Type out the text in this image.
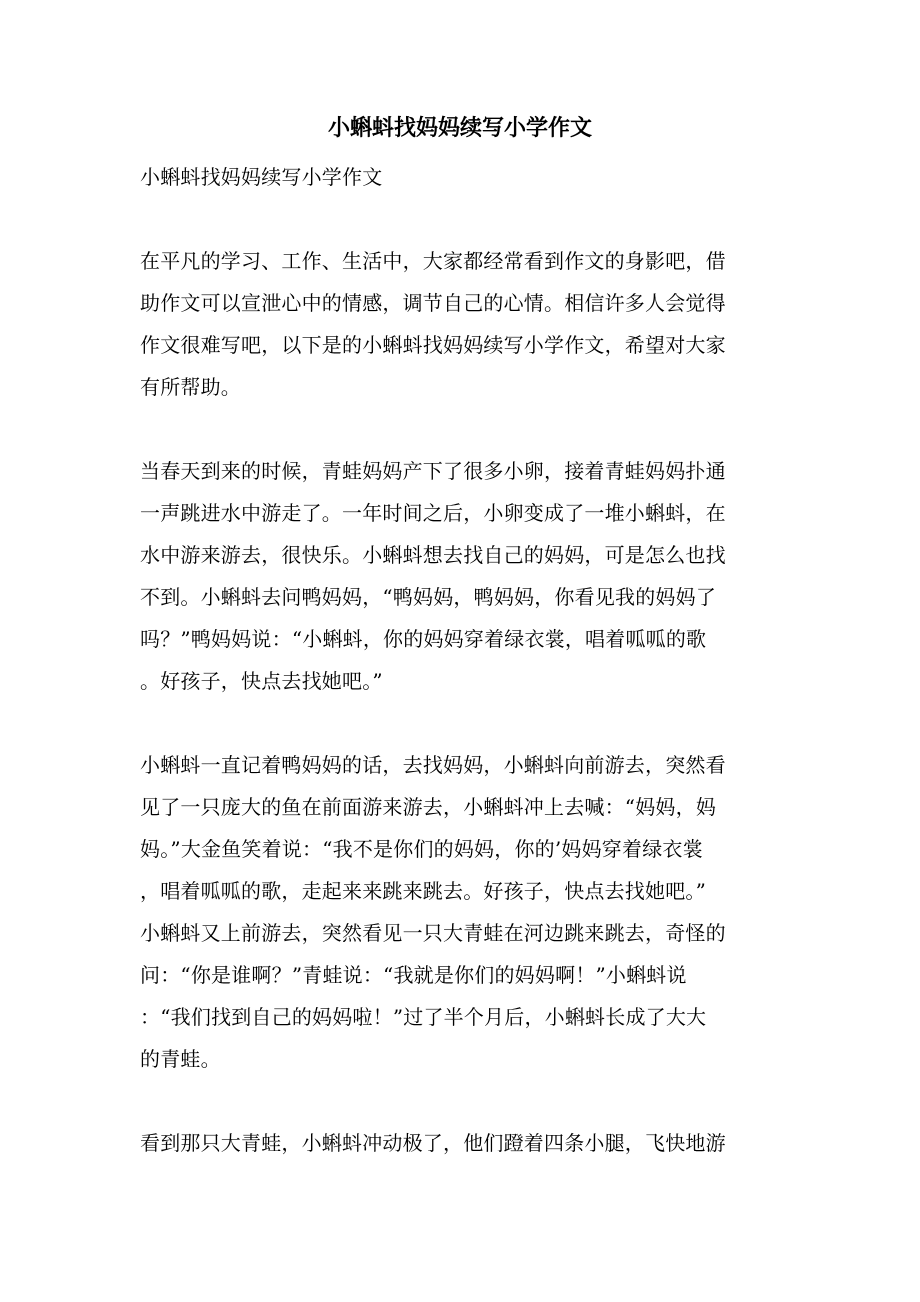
小蝌蚪找妈妈续写小学作文
小蝌蚪找妈妈续写小学作文
在平凡的学习、工作、生活中，大家都经常看到作文的身影吧，借
助作文可以宣泄心中的情感，调节自己的心情。相信许多人会觉得
作文很难写吧，以下是的小蝌蚪找妈妈续写小学作文，希望对大家
有所帮助。
当春天到来的时候，青蛙妈妈产下了很多小卵，接着青蛙妈妈扑通
一声跳进水中游走了。一年时间之后，小卵变成了一堆小蝌蚪，在
水中游来游去，很快乐。小蝌蚪想去找自己的妈妈，可是怎么也找
不到。小蝌蚪去问鸭妈妈，“鸭妈妈，鸭妈妈，你看见我的妈妈了
吗？”鸭妈妈说：“小蝌蚪，你的妈妈穿着绿衣裳，唱着呱呱的歌
。好孩子，快点去找她吧。”
小蝌蚪一直记着鸭妈妈的话，去找妈妈，小蝌蚪向前游去，突然看
见了一只庞大的鱼在前面游来游去，小蝌蚪冲上去喊：“妈妈，妈
妈。”大金鱼笑着说：“我不是你们的妈妈，你的’妈妈穿着绿衣裳
，唱着呱呱的歌，走起来来跳来跳去。好孩子，快点去找她吧。”
小蝌蚪又上前游去，突然看见一只大青蛙在河边跳来跳去，奇怪的
问：“你是谁啊？”青蛙说：“我就是你们的妈妈啊！”小蝌蚪说
：“我们找到自己的妈妈啦！”过了半个月后，小蝌蚪长成了大大
的青蛙。
看到那只大青蛙，小蝌蚪冲动极了，他们蹬着四条小腿，飞快地游
